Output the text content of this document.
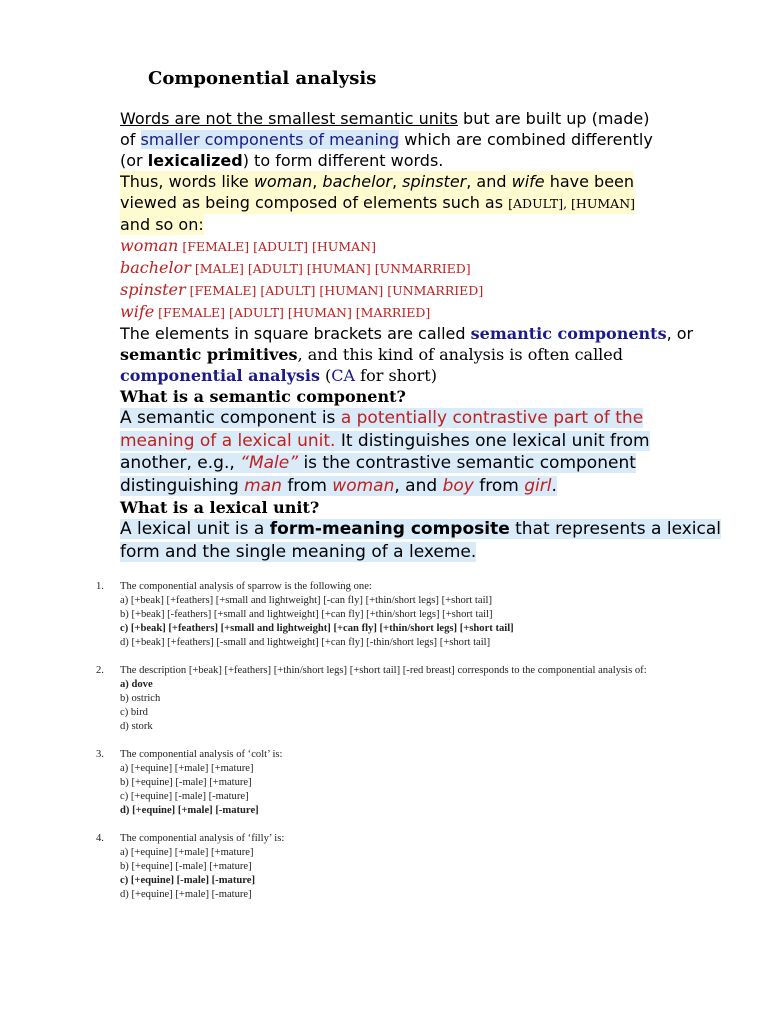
Componential analysis

Words are not the smallest semantic units but are built up (made)

of smaller components of meaning which are combined differently

(or lexicalized) to form different words.

Thus, words like woman, bachelor, spinster, and wife have been

viewed as being composed of elements such as [ADULT], [HUMAN]

and so on:

woman [FEMALE] [ADULT] [HUMAN]

bachelor [MALE] [ADULT] [HUMAN] [UNMARRIED]

spinster [FEMALE] [ADULT] [HUMAN] [UNMARRIED]

wife [FEMALE] [ADULT] [HUMAN] [MARRIED]

The elements in square brackets are called semantic components, or

semantic primitives, and this kind of analysis is often called

componential analysis (CA for short)

What is a semantic component?

A semantic component is a potentially contrastive part of the

meaning of a lexical unit. It distinguishes one lexical unit from

another, e.g., “Male” is the contrastive semantic component

distinguishing man from woman, and boy from girl.

What is a lexical unit?

A lexical unit is a form-meaning composite that represents a lexical

form and the single meaning of a lexeme.

1.	The componential analysis of sparrow is the following one:
a) [+beak] [+feathers] [+small and lightweight] [-can fly] [+thin/short legs] [+short tail]
b) [+beak] [-feathers] [+small and lightweight] [+can fly] [+thin/short legs] [+short tail]
c) [+beak] [+feathers] [+small and lightweight] [+can fly] [+thin/short legs] [+short tail]
d) [+beak] [+feathers] [-small and lightweight] [+can fly] [-thin/short legs] [+short tail]
2.	The description [+beak] [+feathers] [+thin/short legs] [+short tail] [-red breast] corresponds to the componential analysis of:
a) dove
b) ostrich
c) bird
d) stork
3.	The componential analysis of ‘colt’ is:
a) [+equine] [+male] [+mature]
b) [+equine] [-male] [+mature]
c) [+equine] [-male] [-mature]
d) [+equine] [+male] [-mature]
4.	The componential analysis of ‘filly’ is:
a) [+equine] [+male] [+mature]
b) [+equine] [-male] [+mature]
c) [+equine] [-male] [-mature]
d) [+equine] [+male] [-mature]
